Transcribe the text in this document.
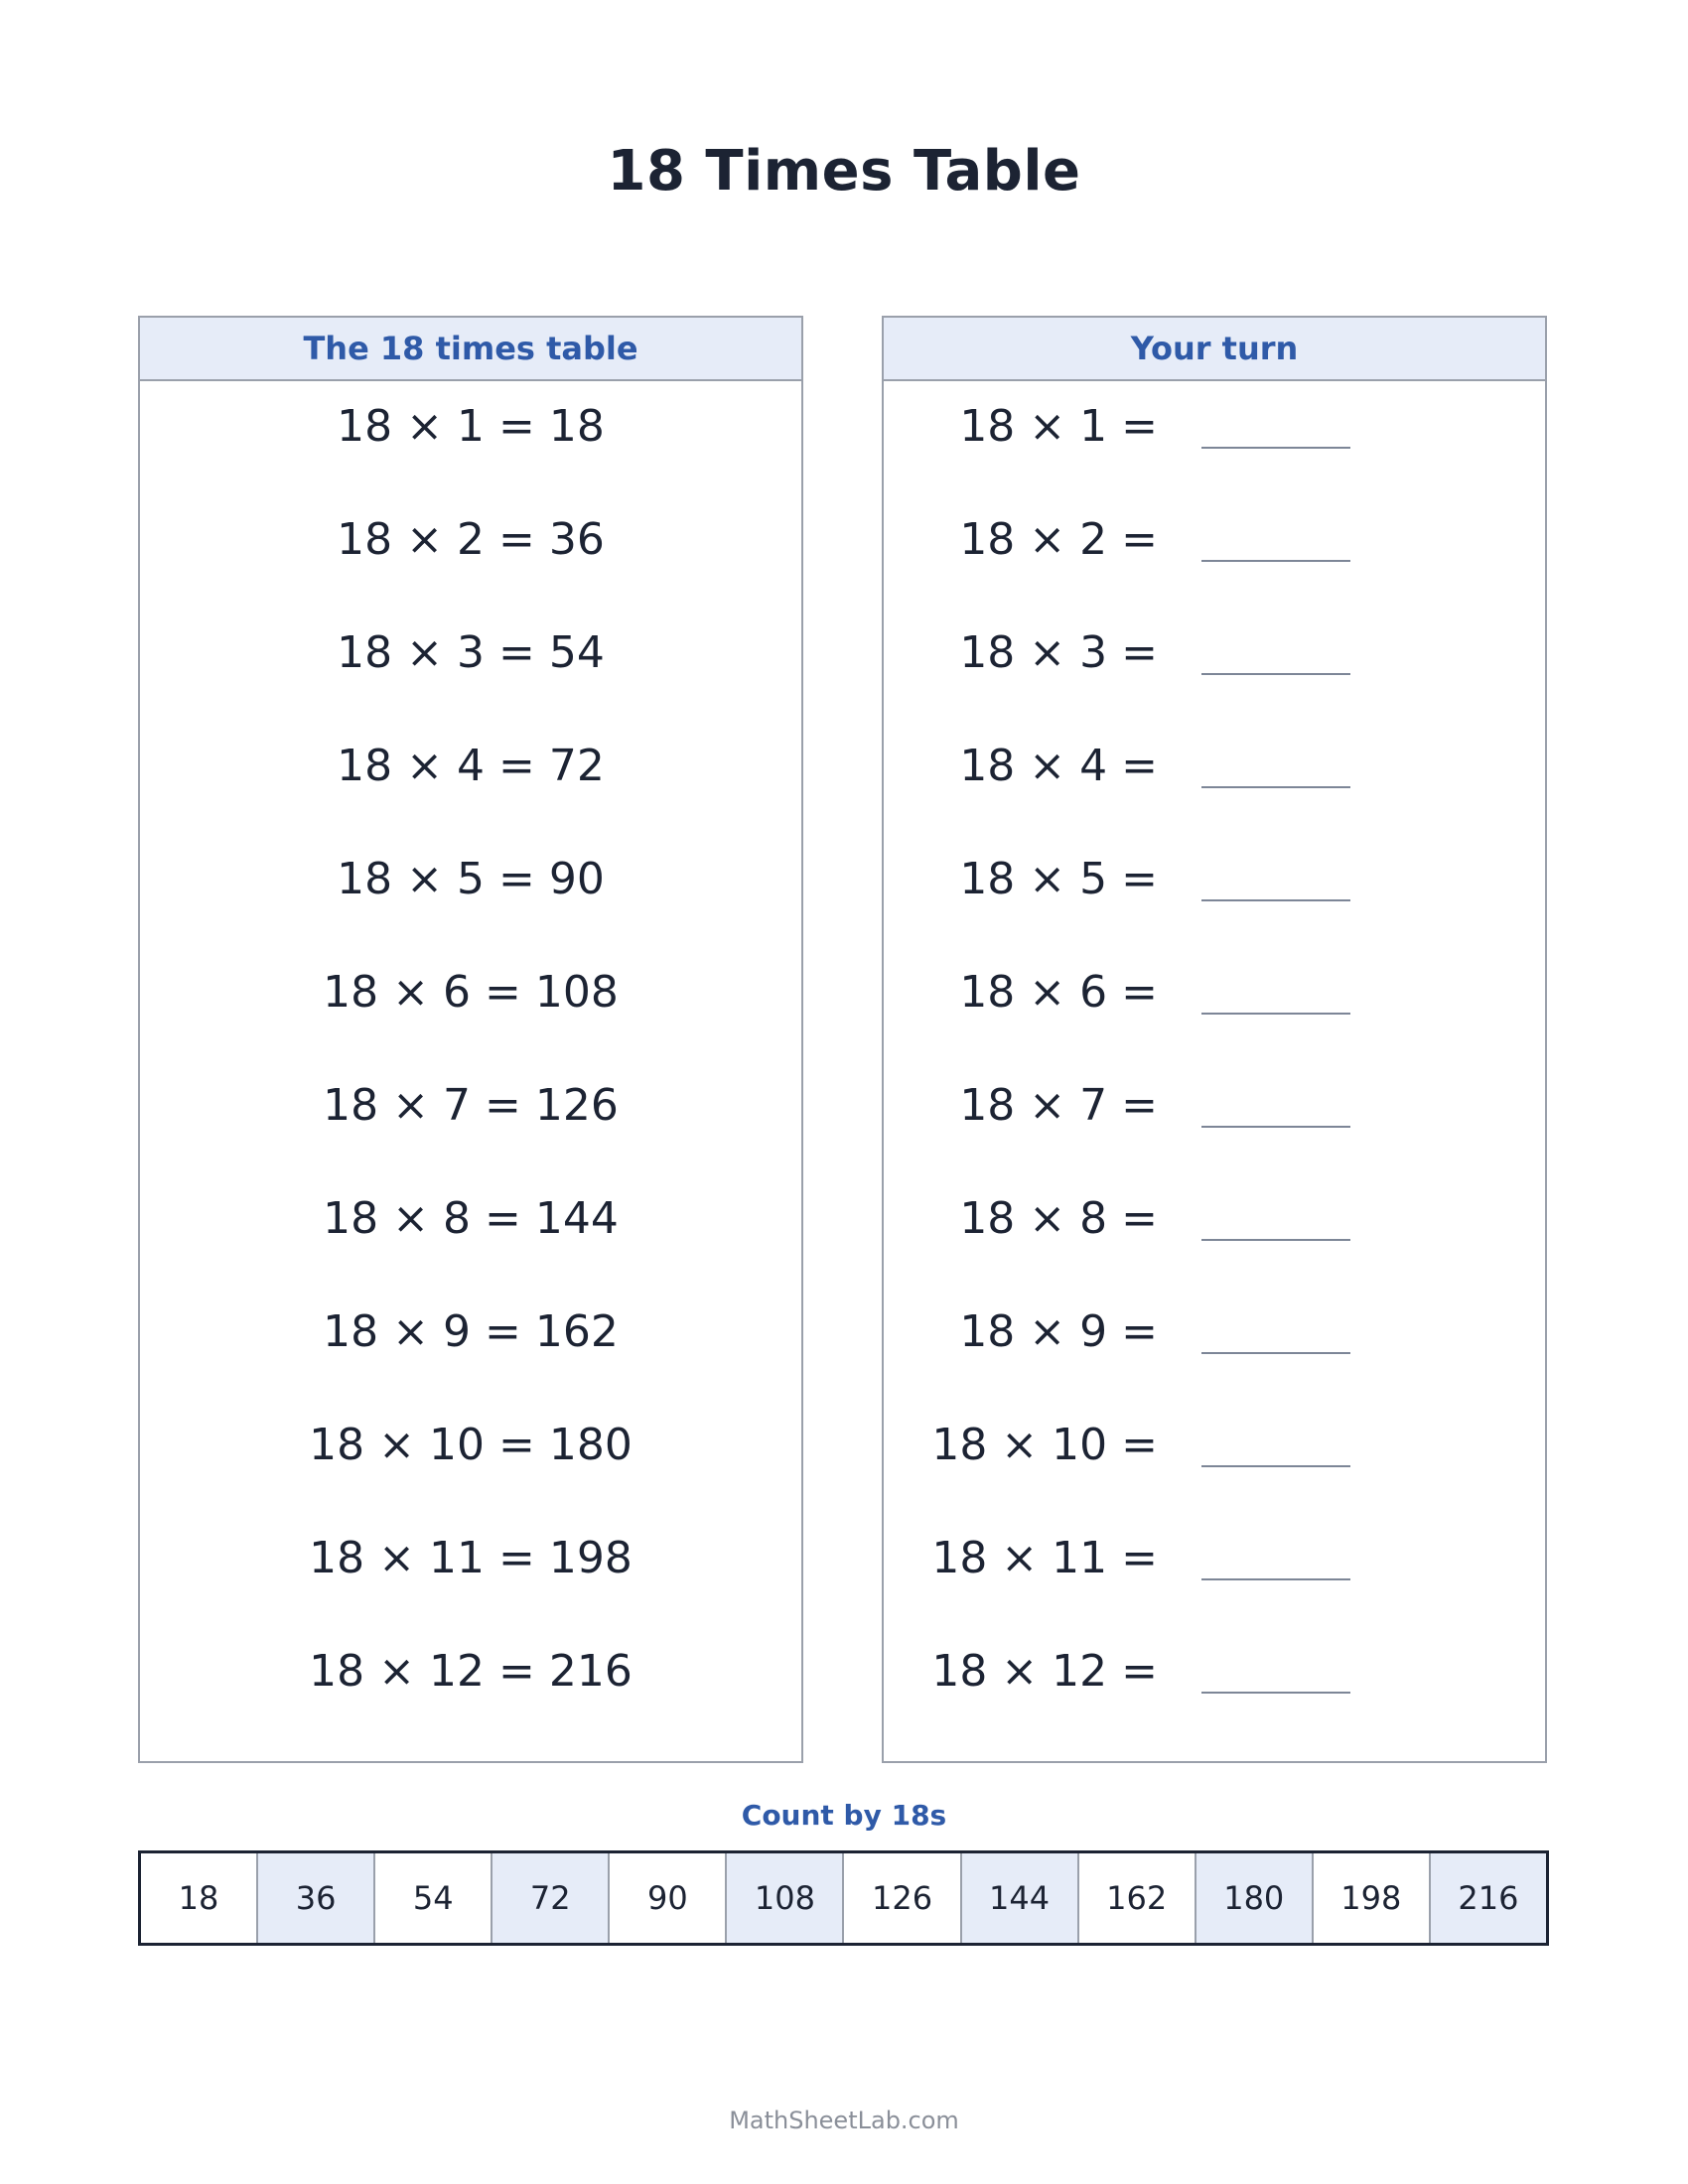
18 Times Table
The 18 times table
18 × 1 = 18
18 × 2 = 36
18 × 3 = 54
18 × 4 = 72
18 × 5 = 90
18 × 6 = 108
18 × 7 = 126
18 × 8 = 144
18 × 9 = 162
18 × 10 = 180
18 × 11 = 198
18 × 12 = 216
Your turn
18 × 1 =
18 × 2 =
18 × 3 =
18 × 4 =
18 × 5 =
18 × 6 =
18 × 7 =
18 × 8 =
18 × 9 =
18 × 10 =
18 × 11 =
18 × 12 =
Count by 18s
18	36	54	72	90	108	126	144	162	180	198	216
MathSheetLab.com
